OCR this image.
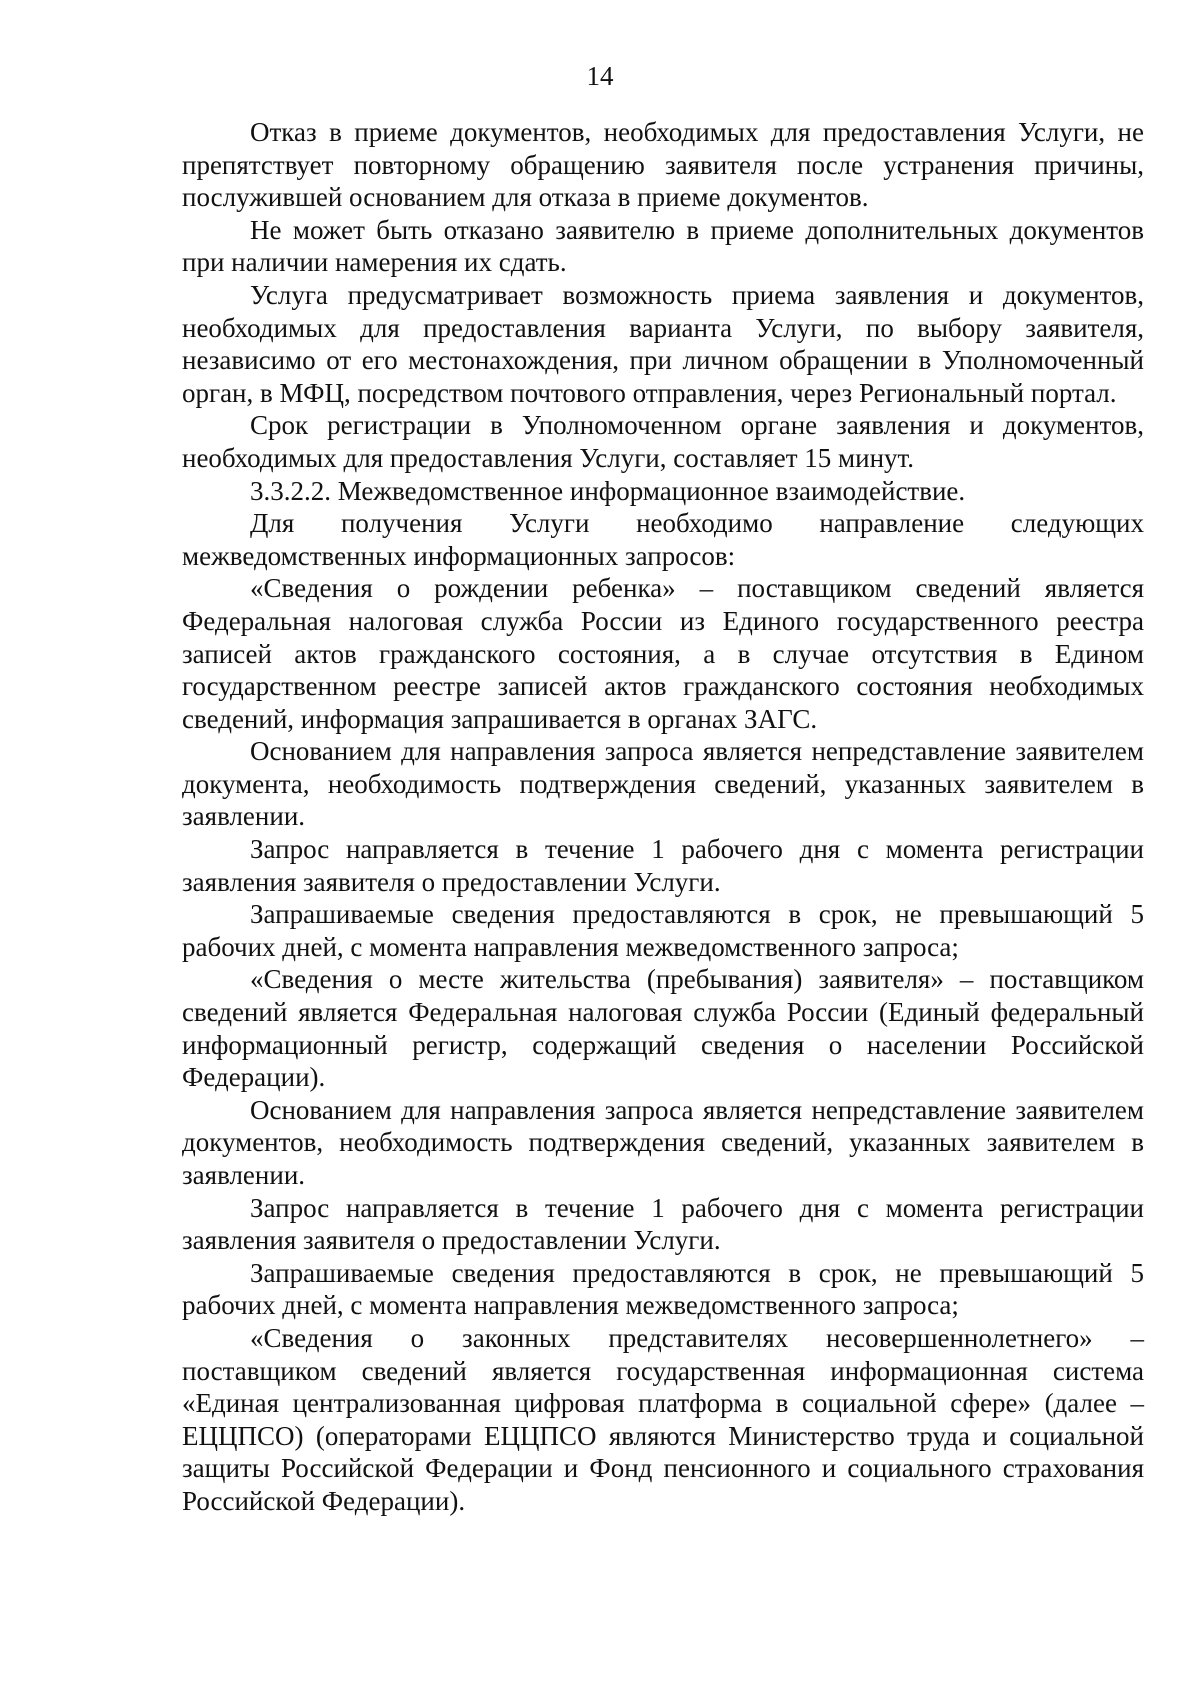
14

Отказ в приеме документов, необходимых для предоставления Услуги, не препятствует повторному обращению заявителя после устранения причины, послужившей основанием для отказа в приеме документов.

Не может быть отказано заявителю в приеме дополнительных документов при наличии намерения их сдать.

Услуга предусматривает возможность приема заявления и документов, необходимых для предоставления варианта Услуги, по выбору заявителя, независимо от его местонахождения, при личном обращении в Уполномоченный орган, в МФЦ, посредством почтового отправления, через Региональный портал.

Срок регистрации в Уполномоченном органе заявления и документов, необходимых для предоставления Услуги, составляет 15 минут.

3.3.2.2. Межведомственное информационное взаимодействие.

Для получения Услуги необходимо направление следующих межведомственных информационных запросов:

«Сведения о рождении ребенка» – поставщиком сведений является Федеральная налоговая служба России из Единого государственного реестра записей актов гражданского состояния, а в случае отсутствия в Едином государственном реестре записей актов гражданского состояния необходимых сведений, информация запрашивается в органах ЗАГС.

Основанием для направления запроса является непредставление заявителем документа, необходимость подтверждения сведений, указанных заявителем в заявлении.

Запрос направляется в течение 1 рабочего дня с момента регистрации заявления заявителя о предоставлении Услуги.

Запрашиваемые сведения предоставляются в срок, не превышающий 5 рабочих дней, с момента направления межведомственного запроса;

«Сведения о месте жительства (пребывания) заявителя» – поставщиком сведений является Федеральная налоговая служба России (Единый федеральный информационный регистр, содержащий сведения о населении Российской Федерации).

Основанием для направления запроса является непредставление заявителем документов, необходимость подтверждения сведений, указанных заявителем в заявлении.

Запрос направляется в течение 1 рабочего дня с момента регистрации заявления заявителя о предоставлении Услуги.

Запрашиваемые сведения предоставляются в срок, не превышающий 5 рабочих дней, с момента направления межведомственного запроса;

«Сведения о законных представителях несовершеннолетнего» – поставщиком сведений является государственная информационная система «Единая централизованная цифровая платформа в социальной сфере» (далее – ЕЦЦПСО) (операторами ЕЦЦПСО являются Министерство труда и социальной защиты Российской Федерации и Фонд пенсионного и социального страхования Российской Федерации).
